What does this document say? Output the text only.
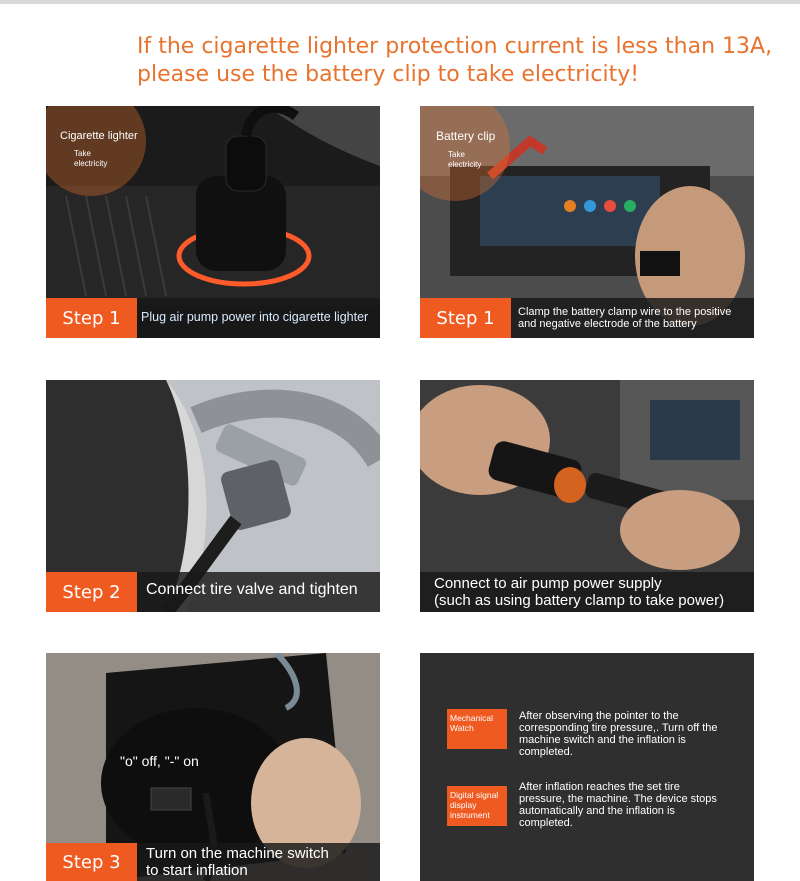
If the cigarette lighter protection current is less than 13A,
please use the battery clip to take electricity!
Cigarette lighter
Take
electricity
Step 1	Plug air pump power into cigarette lighter
Battery clip
Take
electricity
Step 1	Clamp the battery clamp wire to the positive
and negative electrode of the battery
Step 2	Connect tire valve and tighten	Connect to air pump power supply
(such as using battery clamp to take power)
"o" off, "-" on
Step 3	Turn on the machine switch
to start inflation
Mechanical Watch
After observing the pointer to the corresponding tire pressure,. Turn off the machine switch and the inflation is completed.
Digital signal display instrument
After inflation reaches the set tire pressure, the machine. The device stops automatically and the inflation is completed.
